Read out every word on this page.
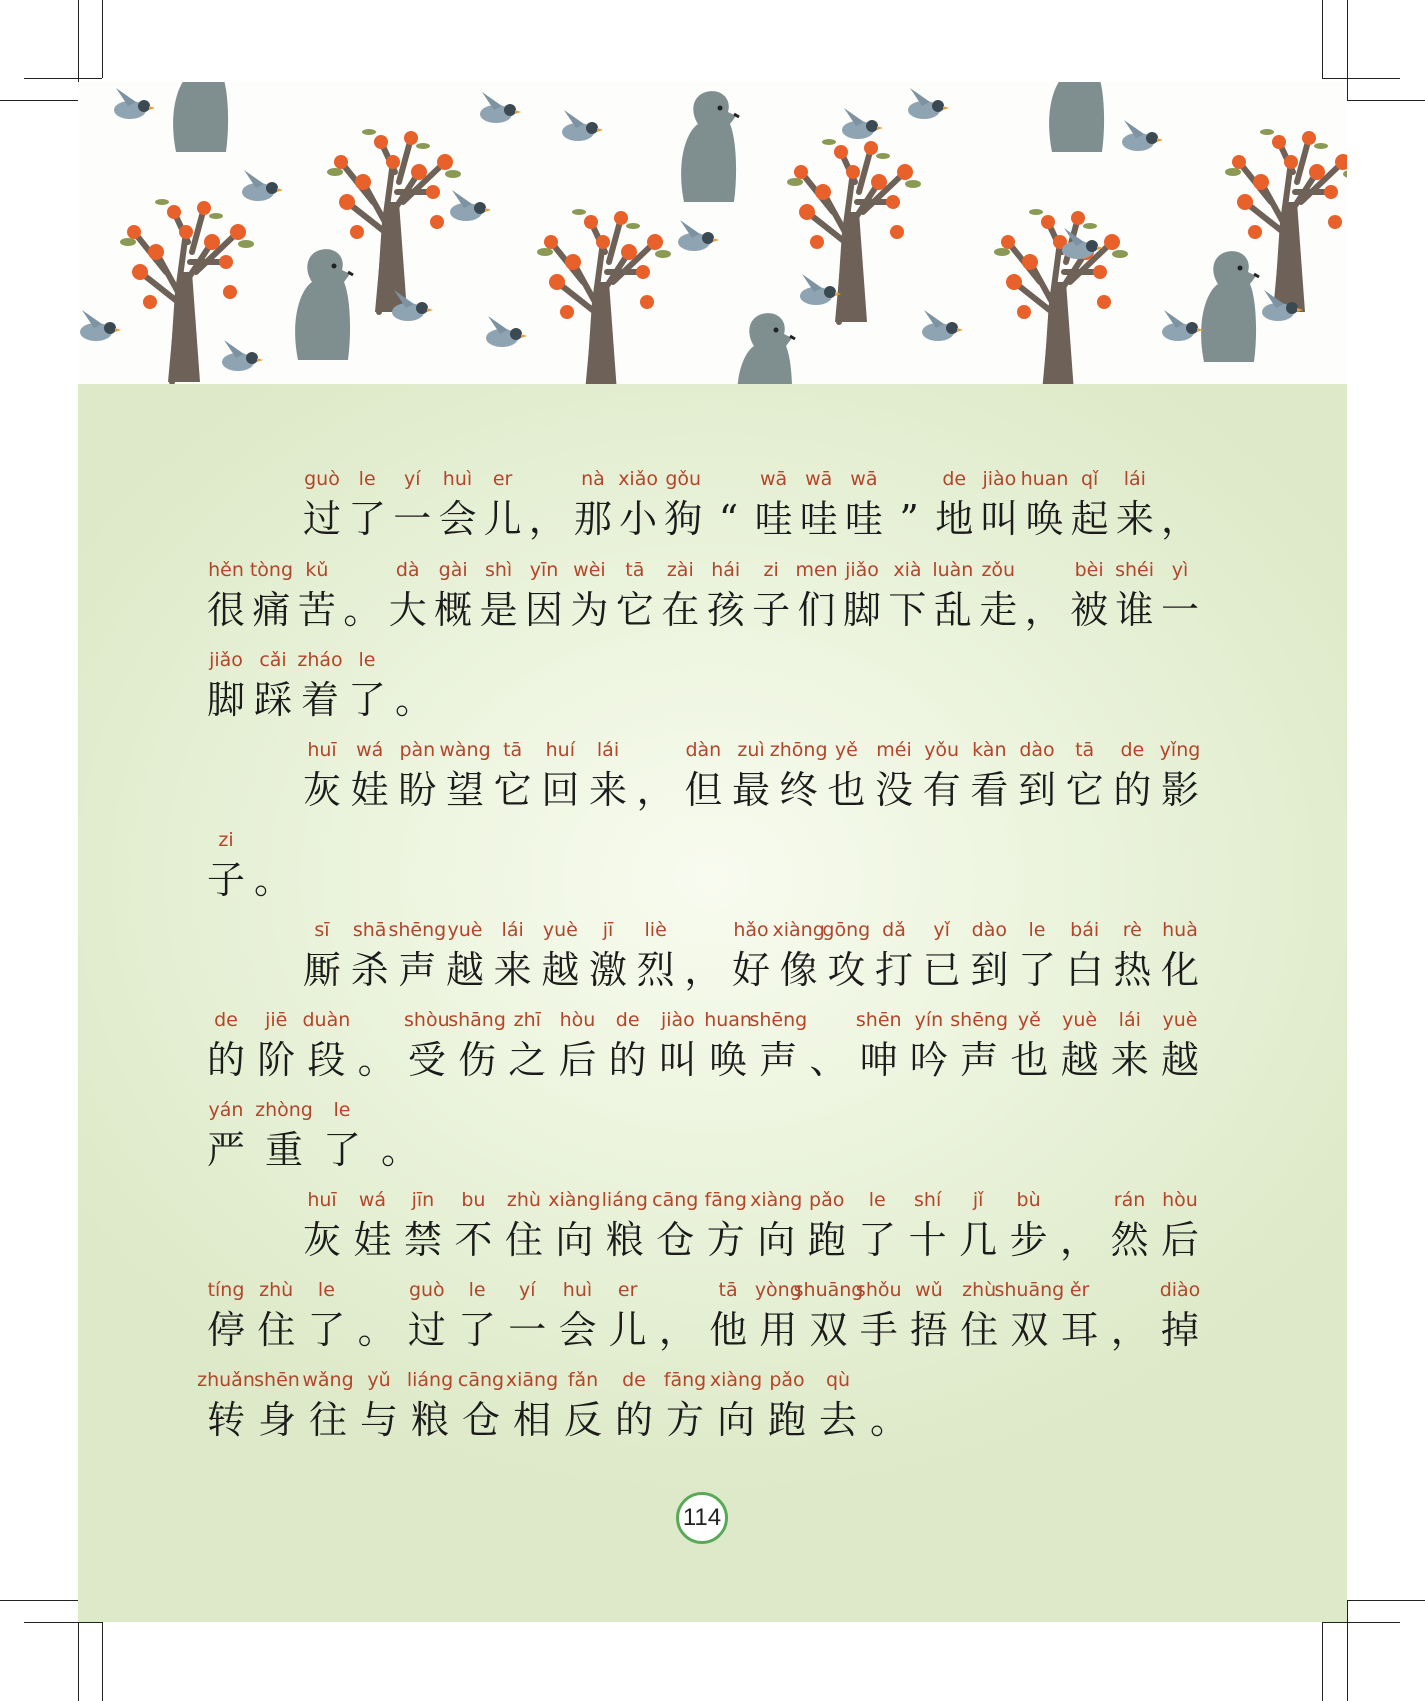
guò
过
le
了
yí
一
huì
会
er
儿 ，
nà
那
xiǎo
小
gǒu
狗 “
wā
哇
wā
哇
wā
哇 ”
de
地
jiào
叫
huan
唤
qǐ
起
lái
来 ，
hěn
很
tòng
痛
kǔ
苦 。
dà
大
gài
概
shì
是
yīn
因
wèi
为
tā
它
zài
在
hái
孩
zi
子
men
们
jiǎo
脚
xià
下
luàn
乱
zǒu
走 ，
bèi
被
shéi
谁
yì
一
jiǎo
脚
cǎi
踩
zháo
着
le
了 。
huī
灰
wá
娃
pàn
盼
wàng
望
tā
它
huí
回
lái
来 ，
dàn
但
zuì
最
zhōng
终
yě
也
méi
没
yǒu
有
kàn
看
dào
到
tā
它
de
的
yǐng
影
zi
子 。
sī
厮
shā
杀
shēng
声
yuè
越
lái
来
yuè
越
jī
激
liè
烈 ，
hǎo
好
xiàng
像
gōng
攻
dǎ
打
yǐ
已
dào
到
le
了
bái
白
rè
热
huà
化
de
的
jiē
阶
duàn
段 。
shòu
受
shāng
伤
zhī
之
hòu
后
de
的
jiào
叫
huan
唤
shēng
声 、
shēn
呻
yín
吟
shēng
声
yě
也
yuè
越
lái
来
yuè
越
yán
严
zhòng
重
le
了 。
huī
灰
wá
娃
jīn
禁
bu
不
zhù
住
xiàng
向
liáng
粮
cāng
仓
fāng
方
xiàng
向
pǎo
跑
le
了
shí
十
jǐ
几
bù
步 ，
rán
然
hòu
后
tíng
停
zhù
住
le
了 。
guò
过
le
了
yí
一
huì
会
er
儿 ，
tā
他
yòng
用
shuāng
双
shǒu
手
wǔ
捂
zhù
住
shuāng
双
ěr
耳 ，
diào
掉
zhuǎn
转
shēn
身
wǎng
往
yǔ
与
liáng
粮
cāng
仓
xiāng
相
fǎn
反
de
的
fāng
方
xiàng
向
pǎo
跑
qù
去 。
114
